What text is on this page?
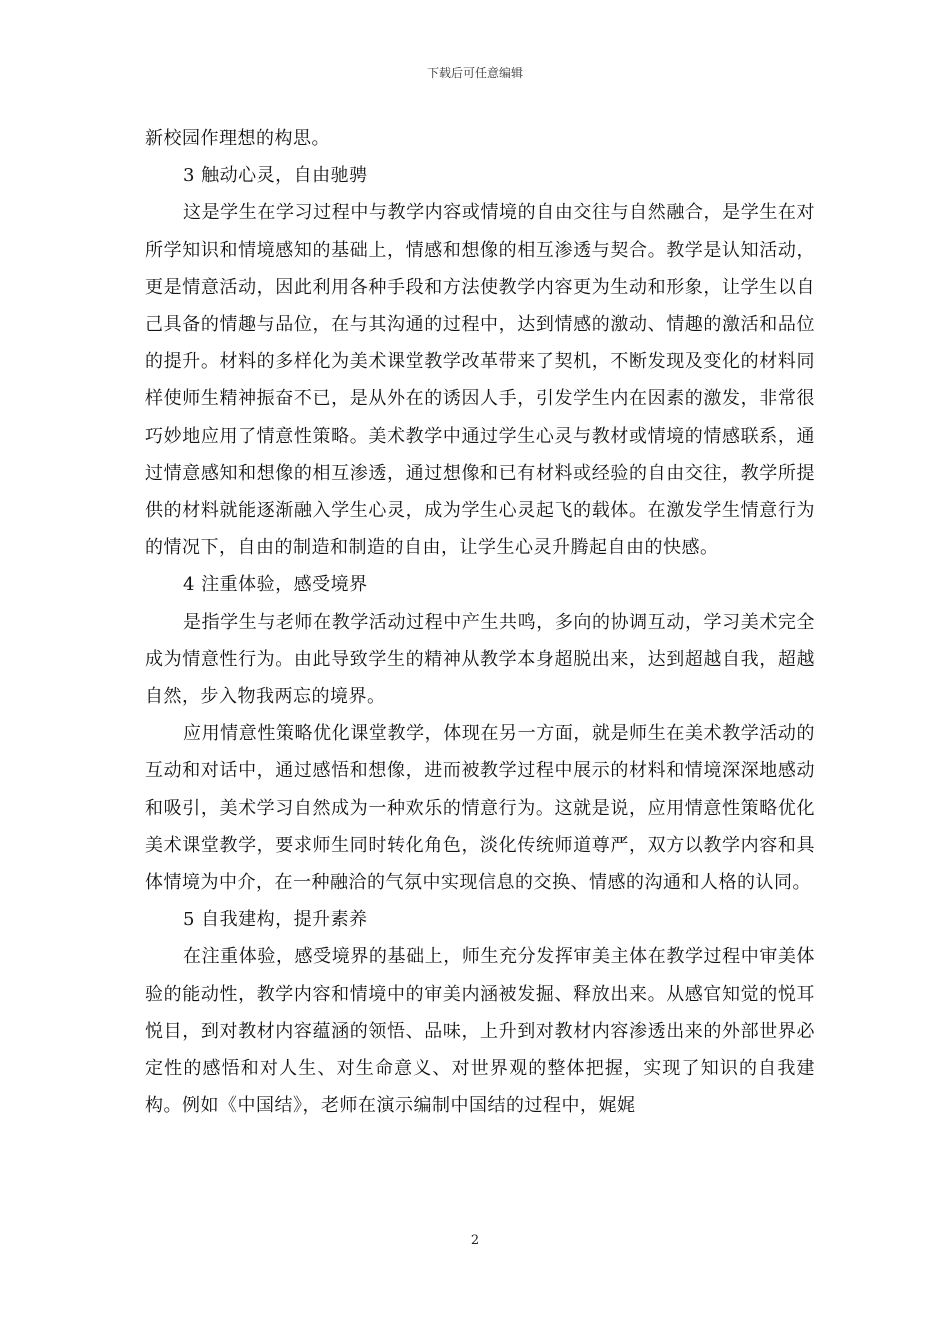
下载后可任意编辑

新校园作理想的构思。

3 触动心灵，自由驰骋

这是学生在学习过程中与教学内容或情境的自由交往与自然融合，是学生在对所学知识和情境感知的基础上，情感和想像的相互渗透与契合。教学是认知活动，更是情意活动，因此利用各种手段和方法使教学内容更为生动和形象，让学生以自己具备的情趣与品位，在与其沟通的过程中，达到情感的激动、情趣的激活和品位的提升。材料的多样化为美术课堂教学改革带来了契机，不断发现及变化的材料同样使师生精神振奋不已，是从外在的诱因人手，引发学生内在因素的激发，非常很巧妙地应用了情意性策略。美术教学中通过学生心灵与教材或情境的情感联系，通过情意感知和想像的相互渗透，通过想像和已有材料或经验的自由交往，教学所提供的材料就能逐渐融入学生心灵，成为学生心灵起飞的载体。在激发学生情意行为的情况下，自由的制造和制造的自由，让学生心灵升腾起自由的快感。

4 注重体验，感受境界

是指学生与老师在教学活动过程中产生共鸣，多向的协调互动，学习美术完全成为情意性行为。由此导致学生的精神从教学本身超脱出来，达到超越自我，超越自然，步入物我两忘的境界。

应用情意性策略优化课堂教学，体现在另一方面，就是师生在美术教学活动的互动和对话中，通过感悟和想像，进而被教学过程中展示的材料和情境深深地感动和吸引，美术学习自然成为一种欢乐的情意行为。这就是说，应用情意性策略优化美术课堂教学，要求师生同时转化角色，淡化传统师道尊严，双方以教学内容和具体情境为中介，在一种融洽的气氛中实现信息的交换、情感的沟通和人格的认同。

5 自我建构，提升素养

在注重体验，感受境界的基础上，师生充分发挥审美主体在教学过程中审美体验的能动性，教学内容和情境中的审美内涵被发掘、释放出来。从感官知觉的悦耳悦目，到对教材内容蕴涵的领悟、品味，上升到对教材内容渗透出来的外部世界必定性的感悟和对人生、对生命意义、对世界观的整体把握，实现了知识的自我建构。例如《中国结》，老师在演示编制中国结的过程中，娓娓

2
